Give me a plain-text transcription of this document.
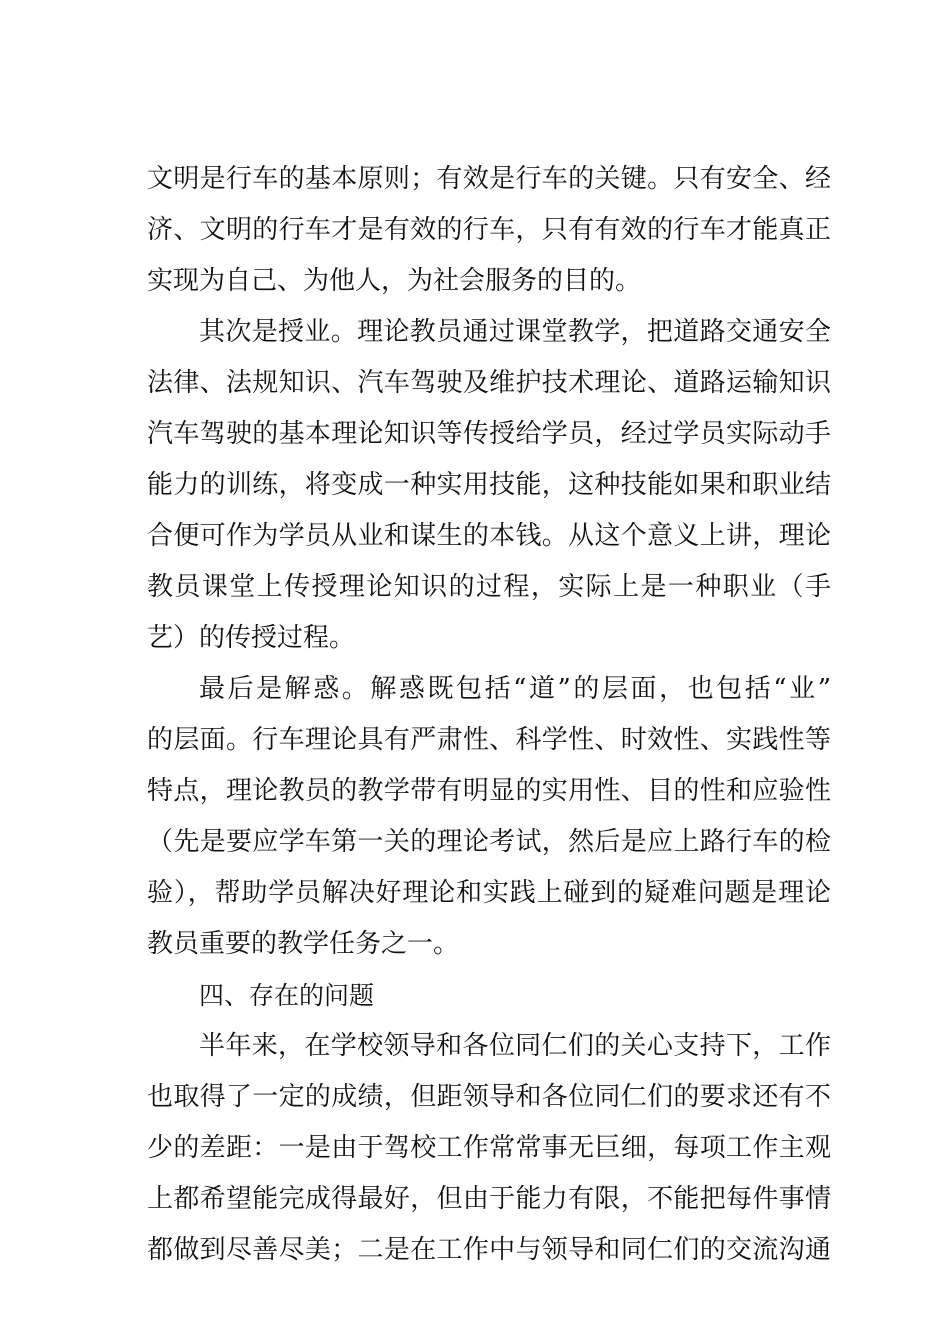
文明是行车的基本原则；有效是行车的关键。只有安全、经
济、文明的行车才是有效的行车，只有有效的行车才能真正
实现为自己、为他人，为社会服务的目的。
其次是授业。理论教员通过课堂教学，把道路交通安全
法律、法规知识、汽车驾驶及维护技术理论、道路运输知识
汽车驾驶的基本理论知识等传授给学员，经过学员实际动手
能力的训练，将变成一种实用技能，这种技能如果和职业结
合便可作为学员从业和谋生的本钱。从这个意义上讲，理论
教员课堂上传授理论知识的过程，实际上是一种职业（手
艺）的传授过程。
最后是解惑。解惑既包括“道”的层面，也包括“业”
的层面。行车理论具有严肃性、科学性、时效性、实践性等
特点，理论教员的教学带有明显的实用性、目的性和应验性
（先是要应学车第一关的理论考试，然后是应上路行车的检
验），帮助学员解决好理论和实践上碰到的疑难问题是理论
教员重要的教学任务之一。
四、存在的问题
半年来，在学校领导和各位同仁们的关心支持下，工作
也取得了一定的成绩，但距领导和各位同仁们的要求还有不
少的差距：一是由于驾校工作常常事无巨细，每项工作主观
上都希望能完成得最好，但由于能力有限，不能把每件事情
都做到尽善尽美；二是在工作中与领导和同仁们的交流沟通
